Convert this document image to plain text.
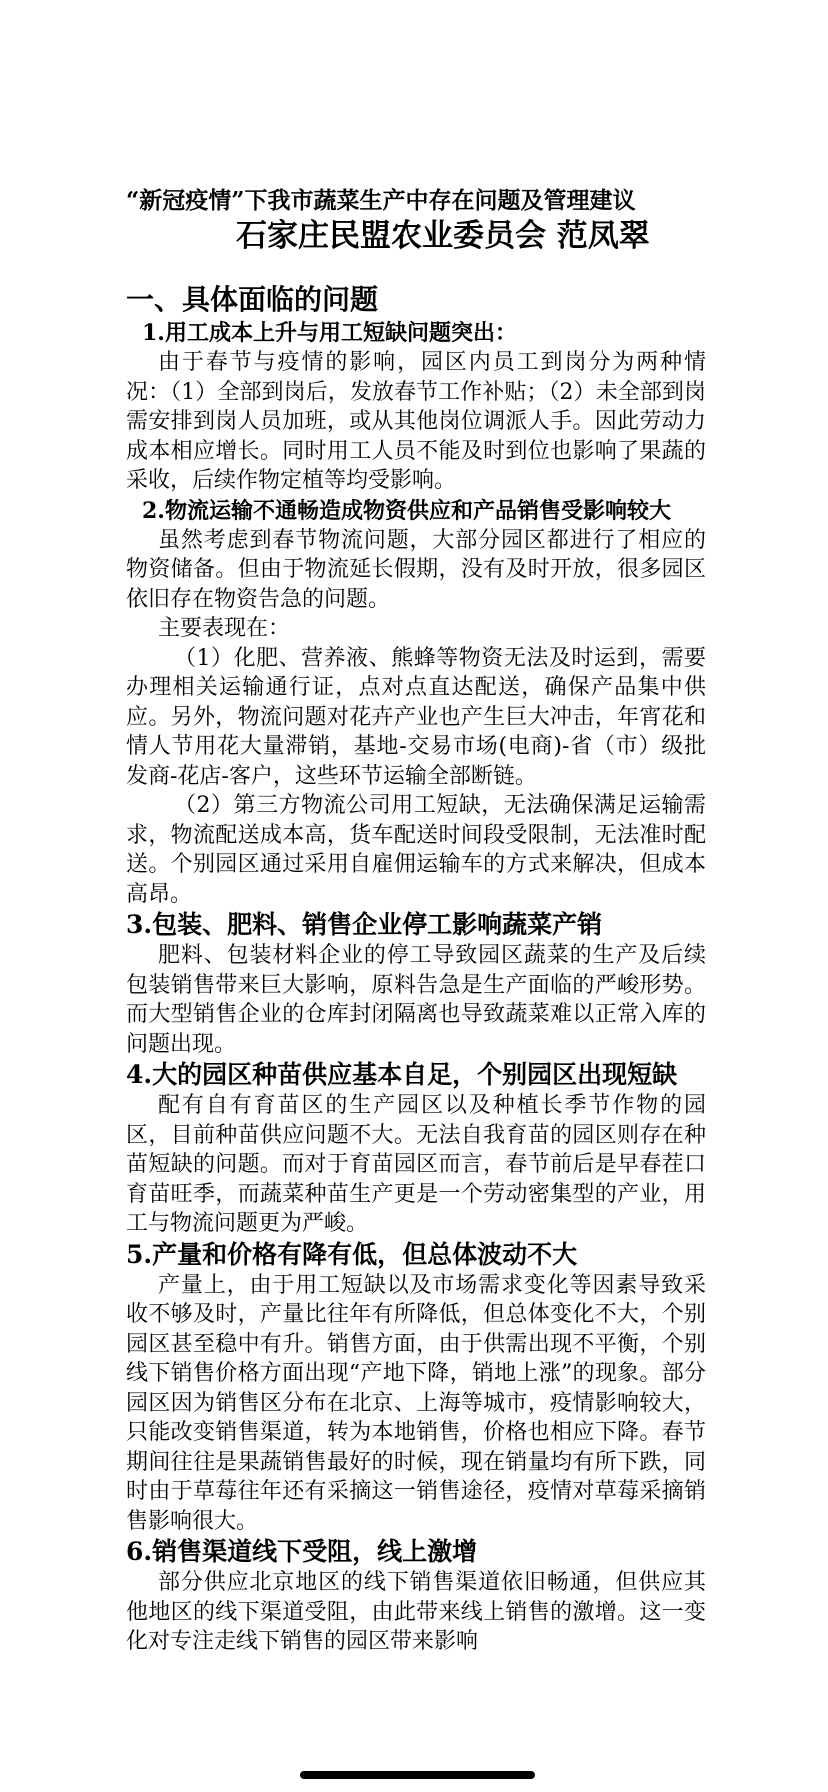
“新冠疫情”下我市蔬菜生产中存在问题及管理建议
石家庄民盟农业委员会 范凤翠
一、具体面临的问题
1.用工成本上升与用工短缺问题突出：

由于春节与疫情的影响，园区内员工到岗分为两种情况：（1）全部到岗后，发放春节工作补贴；（2）未全部到岗需安排到岗人员加班，或从其他岗位调派人手。因此劳动力成本相应增长。同时用工人员不能及时到位也影响了果蔬的采收，后续作物定植等均受影响。

2.物流运输不通畅造成物资供应和产品销售受影响较大

虽然考虑到春节物流问题，大部分园区都进行了相应的物资储备。但由于物流延长假期，没有及时开放，很多园区依旧存在物资告急的问题。

主要表现在：

（1）化肥、营养液、熊蜂等物资无法及时运到，需要办理相关运输通行证，点对点直达配送，确保产品集中供应。另外，物流问题对花卉产业也产生巨大冲击，年宵花和情人节用花大量滞销，基地-交易市场(电商)-省（市）级批发商-花店-客户，这些环节运输全部断链。

（2）第三方物流公司用工短缺，无法确保满足运输需求，物流配送成本高，货车配送时间段受限制，无法准时配送。个别园区通过采用自雇佣运输车的方式来解决，但成本高昂。

3.包装、肥料、销售企业停工影响蔬菜产销

肥料、包装材料企业的停工导致园区蔬菜的生产及后续包装销售带来巨大影响，原料告急是生产面临的严峻形势。而大型销售企业的仓库封闭隔离也导致蔬菜难以正常入库的问题出现。

4.大的园区种苗供应基本自足，个别园区出现短缺

配有自有育苗区的生产园区以及种植长季节作物的园区，目前种苗供应问题不大。无法自我育苗的园区则存在种苗短缺的问题。而对于育苗园区而言，春节前后是早春茬口育苗旺季，而蔬菜种苗生产更是一个劳动密集型的产业，用工与物流问题更为严峻。

5.产量和价格有降有低，但总体波动不大

产量上，由于用工短缺以及市场需求变化等因素导致采收不够及时，产量比往年有所降低，但总体变化不大，个别园区甚至稳中有升。销售方面，由于供需出现不平衡，个别线下销售价格方面出现“产地下降，销地上涨”的现象。部分园区因为销售区分布在北京、上海等城市，疫情影响较大，只能改变销售渠道，转为本地销售，价格也相应下降。春节期间往往是果蔬销售最好的时候，现在销量均有所下跌，同时由于草莓往年还有采摘这一销售途径，疫情对草莓采摘销售影响很大。

6.销售渠道线下受阻，线上激增

部分供应北京地区的线下销售渠道依旧畅通，但供应其他地区的线下渠道受阻，由此带来线上销售的激增。这一变化对专注走线下销售的园区带来影响
